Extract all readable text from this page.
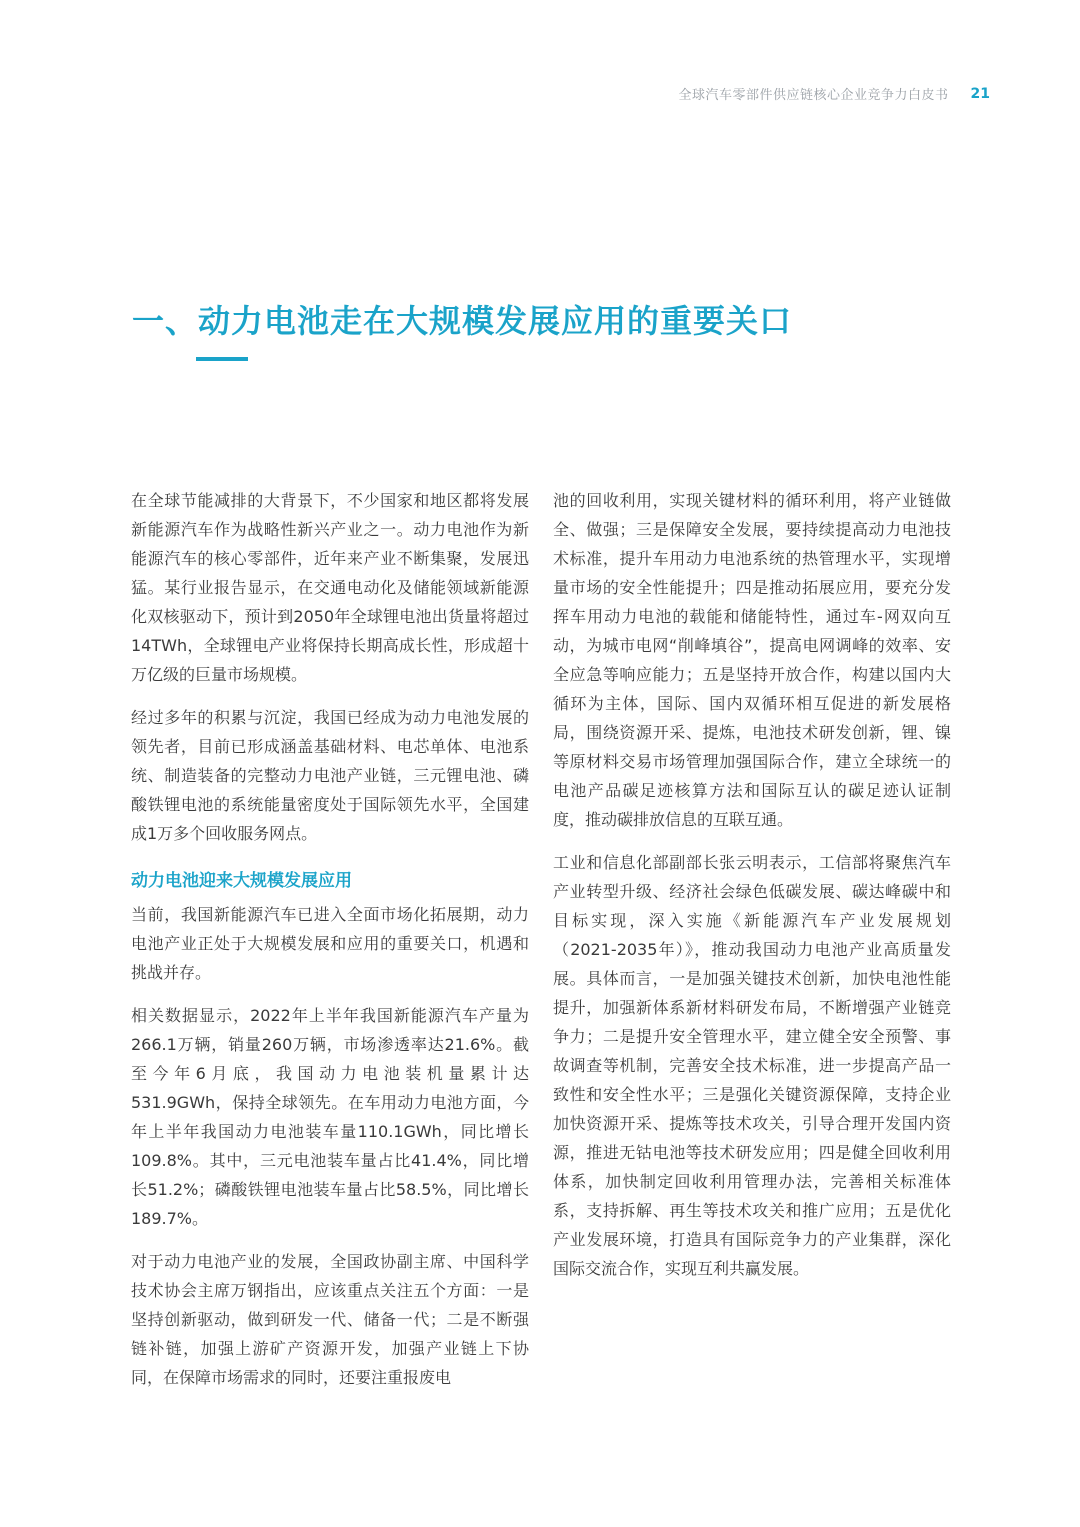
全球汽车零部件供应链核心企业竞争力白皮书 21
一、动力电池走在大规模发展应用的重要关口

在全球节能减排的大背景下，不少国家和地区都将发展新能源汽车作为战略性新兴产业之一。动力电池作为新能源汽车的核心零部件，近年来产业不断集聚，发展迅猛。某行业报告显示，在交通电动化及储能领域新能源化双核驱动下，预计到2050年全球锂电池出货量将超过14TWh，全球锂电产业将保持长期高成长性，形成超十万亿级的巨量市场规模。

经过多年的积累与沉淀，我国已经成为动力电池发展的领先者，目前已形成涵盖基础材料、电芯单体、电池系统、制造装备的完整动力电池产业链，三元锂电池、磷酸铁锂电池的系统能量密度处于国际领先水平，全国建成1万多个回收服务网点。

动力电池迎来大规模发展应用

当前，我国新能源汽车已进入全面市场化拓展期，动力电池产业正处于大规模发展和应用的重要关口，机遇和挑战并存。

相关数据显示，2022年上半年我国新能源汽车产量为266.1万辆，销量260万辆，市场渗透率达21.6%。截至今年6月底，我国动力电池装机量累计达531.9GWh，保持全球领先。在车用动力电池方面，今年上半年我国动力电池装车量110.1GWh，同比增长109.8%。其中，三元电池装车量占比41.4%，同比增长51.2%；磷酸铁锂电池装车量占比58.5%，同比增长189.7%。

对于动力电池产业的发展，全国政协副主席、中国科学技术协会主席万钢指出，应该重点关注五个方面：一是坚持创新驱动，做到研发一代、储备一代；二是不断强链补链，加强上游矿产资源开发，加强产业链上下协同，在保障市场需求的同时，还要注重报废电

池的回收利用，实现关键材料的循环利用，将产业链做全、做强；三是保障安全发展，要持续提高动力电池技术标准，提升车用动力电池系统的热管理水平，实现增量市场的安全性能提升；四是推动拓展应用，要充分发挥车用动力电池的载能和储能特性，通过车-网双向互动，为城市电网“削峰填谷”，提高电网调峰的效率、安全应急等响应能力；五是坚持开放合作，构建以国内大循环为主体，国际、国内双循环相互促进的新发展格局，围绕资源开采、提炼，电池技术研发创新，锂、镍等原材料交易市场管理加强国际合作，建立全球统一的电池产品碳足迹核算方法和国际互认的碳足迹认证制度，推动碳排放信息的互联互通。

工业和信息化部副部长张云明表示，工信部将聚焦汽车产业转型升级、经济社会绿色低碳发展、碳达峰碳中和目标实现，深入实施《新能源汽车产业发展规划（2021-2035年）》，推动我国动力电池产业高质量发展。具体而言，一是加强关键技术创新，加快电池性能提升，加强新体系新材料研发布局，不断增强产业链竞争力；二是提升安全管理水平，建立健全安全预警、事故调查等机制，完善安全技术标准，进一步提高产品一致性和安全性水平；三是强化关键资源保障，支持企业加快资源开采、提炼等技术攻关，引导合理开发国内资源，推进无钴电池等技术研发应用；四是健全回收利用体系，加快制定回收利用管理办法，完善相关标准体系，支持拆解、再生等技术攻关和推广应用；五是优化产业发展环境，打造具有国际竞争力的产业集群，深化国际交流合作，实现互利共赢发展。
